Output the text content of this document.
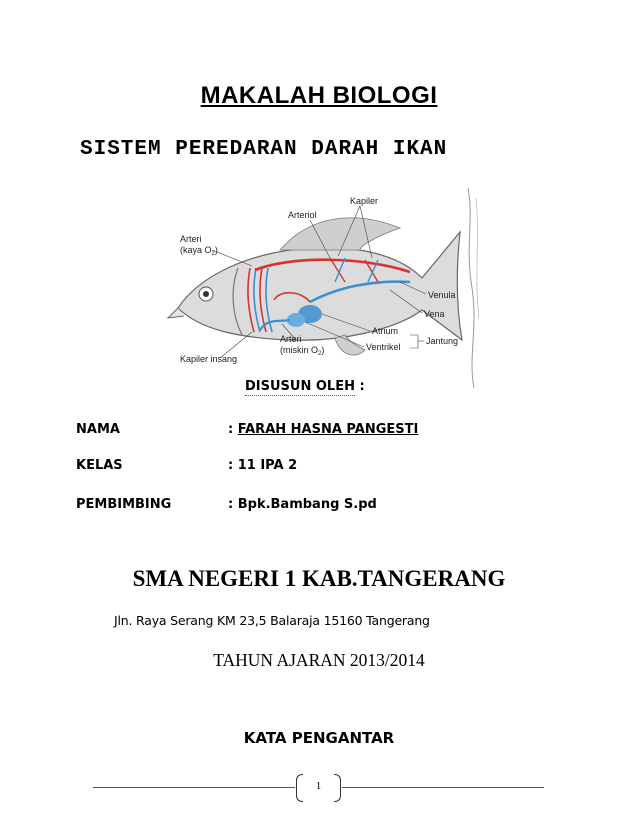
MAKALAH BIOLOGI
SISTEM PEREDARAN DARAH IKAN
Arteriol
Kapiler
Arteri
(kaya $O_2$)
Venula
Vena
Atrium
Ventrikel
Jantung
Arteri
(miskin $O_2$)
Kapiler insang
DISUSUN OLEH :
NAMA	: FARAH HASNA PANGESTI
KELAS	: 11 IPA 2
PEMBIMBING	: Bpk.Bambang S.pd
SMA NEGERI 1 KAB.TANGERANG
Jln. Raya Serang KM 23,5 Balaraja 15160 Tangerang
TAHUN AJARAN 2013/2014
KATA PENGANTAR
1
